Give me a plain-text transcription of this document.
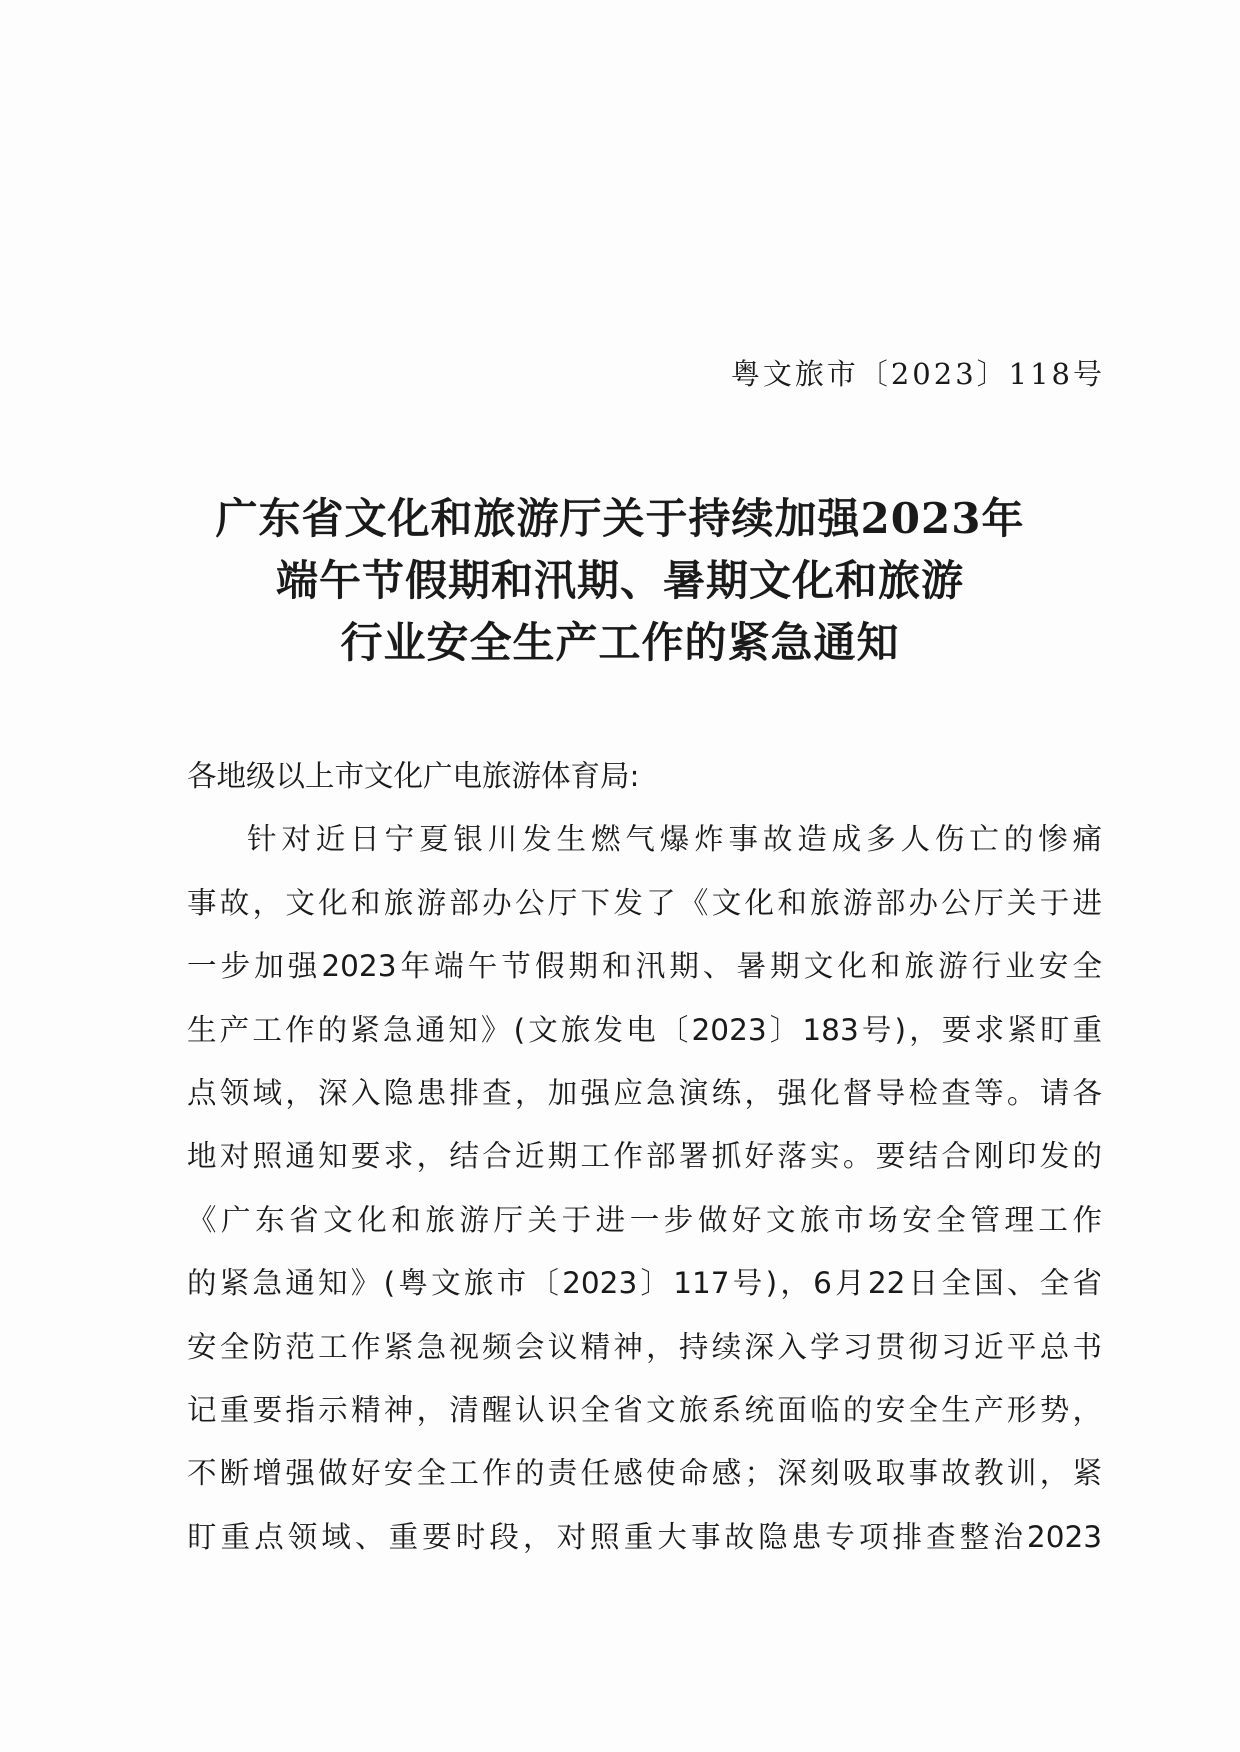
粤文旅市〔2023〕118号
广东省文化和旅游厅关于持续加强2023年
端午节假期和汛期、暑期文化和旅游
行业安全生产工作的紧急通知
各地级以上市文化广电旅游体育局:
针对近日宁夏银川发生燃气爆炸事故造成多人伤亡的惨痛
事故，文化和旅游部办公厅下发了《文化和旅游部办公厅关于进
一步加强2023年端午节假期和汛期、暑期文化和旅游行业安全
生产工作的紧急通知》(文旅发电〔2023〕183号)，要求紧盯重
点领域，深入隐患排查，加强应急演练，强化督导检查等。请各
地对照通知要求，结合近期工作部署抓好落实。要结合刚印发的
《广东省文化和旅游厅关于进一步做好文旅市场安全管理工作
的紧急通知》(粤文旅市〔2023〕117号)，6月22日全国、全省
安全防范工作紧急视频会议精神，持续深入学习贯彻习近平总书
记重要指示精神，清醒认识全省文旅系统面临的安全生产形势，
不断增强做好安全工作的责任感使命感；深刻吸取事故教训，紧
盯重点领域、重要时段，对照重大事故隐患专项排查整治2023
